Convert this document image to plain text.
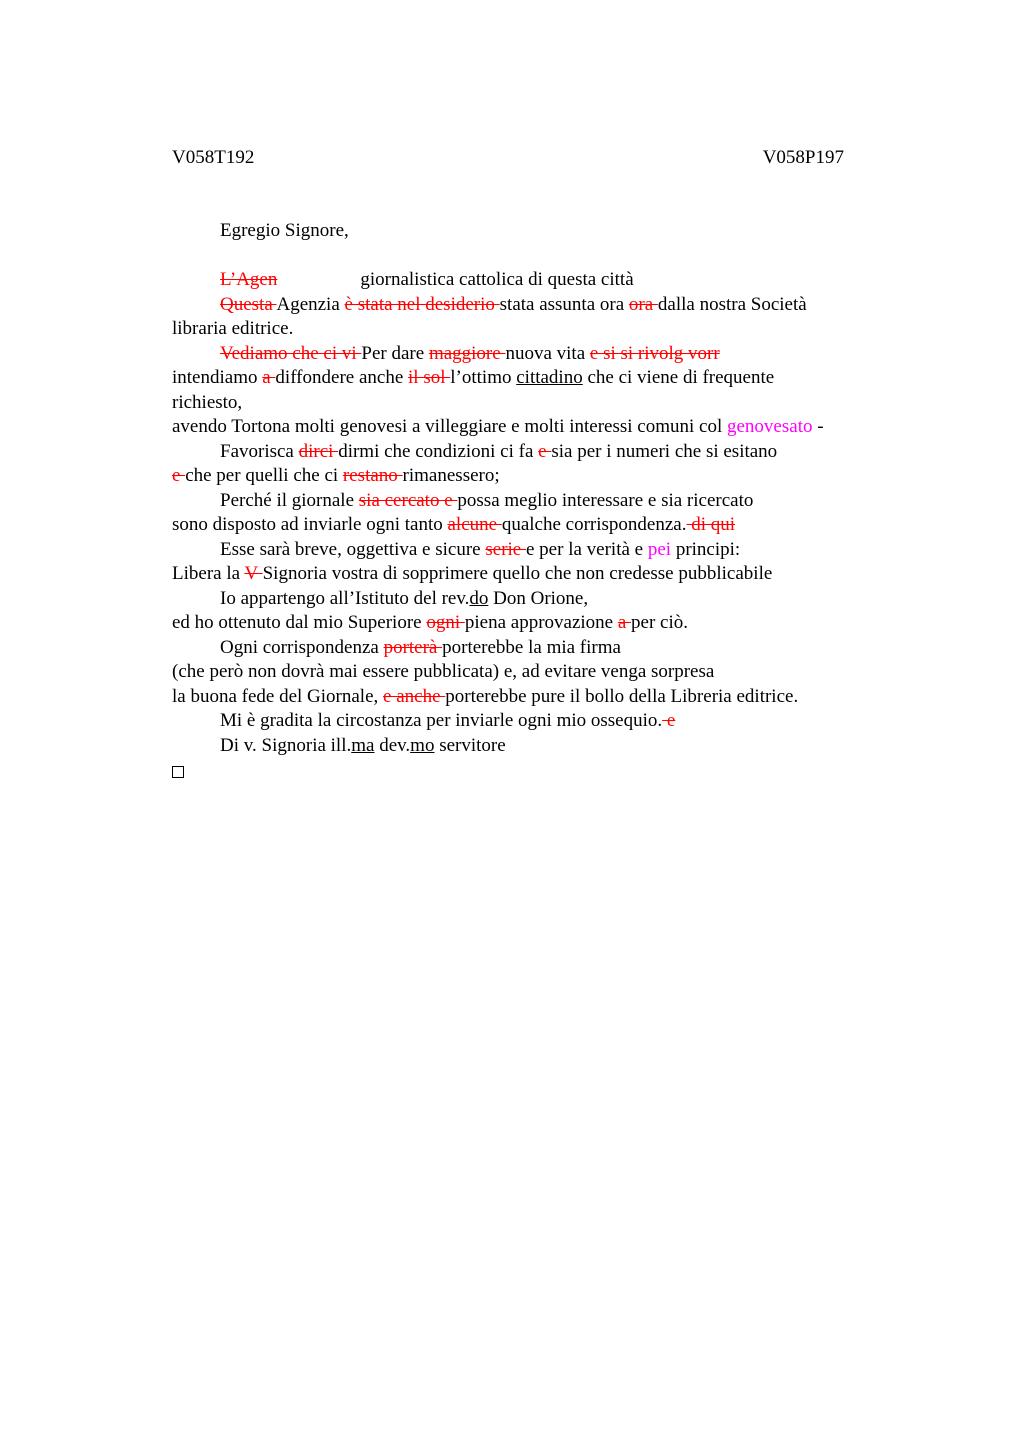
V058T192	V058P197
Egregio Signore,
L’Agen	giornalistica cattolica di questa città
Questa Agenzia è stata nel desiderio stata assunta ora ora dalla nostra Società
libraria editrice.
Vediamo che ci vi Per dare maggiore nuova vita e si si rivolg vorr
intendiamo a diffondere anche il sol l’ottimo cittadino che ci viene di frequente
richiesto,
avendo Tortona molti genovesi a villeggiare e molti interessi comuni col genovesato -
Favorisca dirci dirmi che condizioni ci fa e sia per i numeri che si esitano
e che per quelli che ci restano rimanessero;
Perché il giornale sia cercato e possa meglio interessare e sia ricercato
sono disposto ad inviarle ogni tanto alcune qualche corrispondenza. di qui
Esse sarà breve, oggettiva e sicure serie e per la verità e pei principi:
Libera la V Signoria vostra di sopprimere quello che non credesse pubblicabile
Io appartengo all’Istituto del rev.do Don Orione,
ed ho ottenuto dal mio Superiore ogni piena approvazione a per ciò.
Ogni corrispondenza porterà porterebbe la mia firma
(che però non dovrà mai essere pubblicata) e, ad evitare venga sorpresa
la buona fede del Giornale, e anche porterebbe pure il bollo della Libreria editrice.
Mi è gradita la circostanza per inviarle ogni mio ossequio. e
Di v. Signoria ill.ma dev.mo servitore
